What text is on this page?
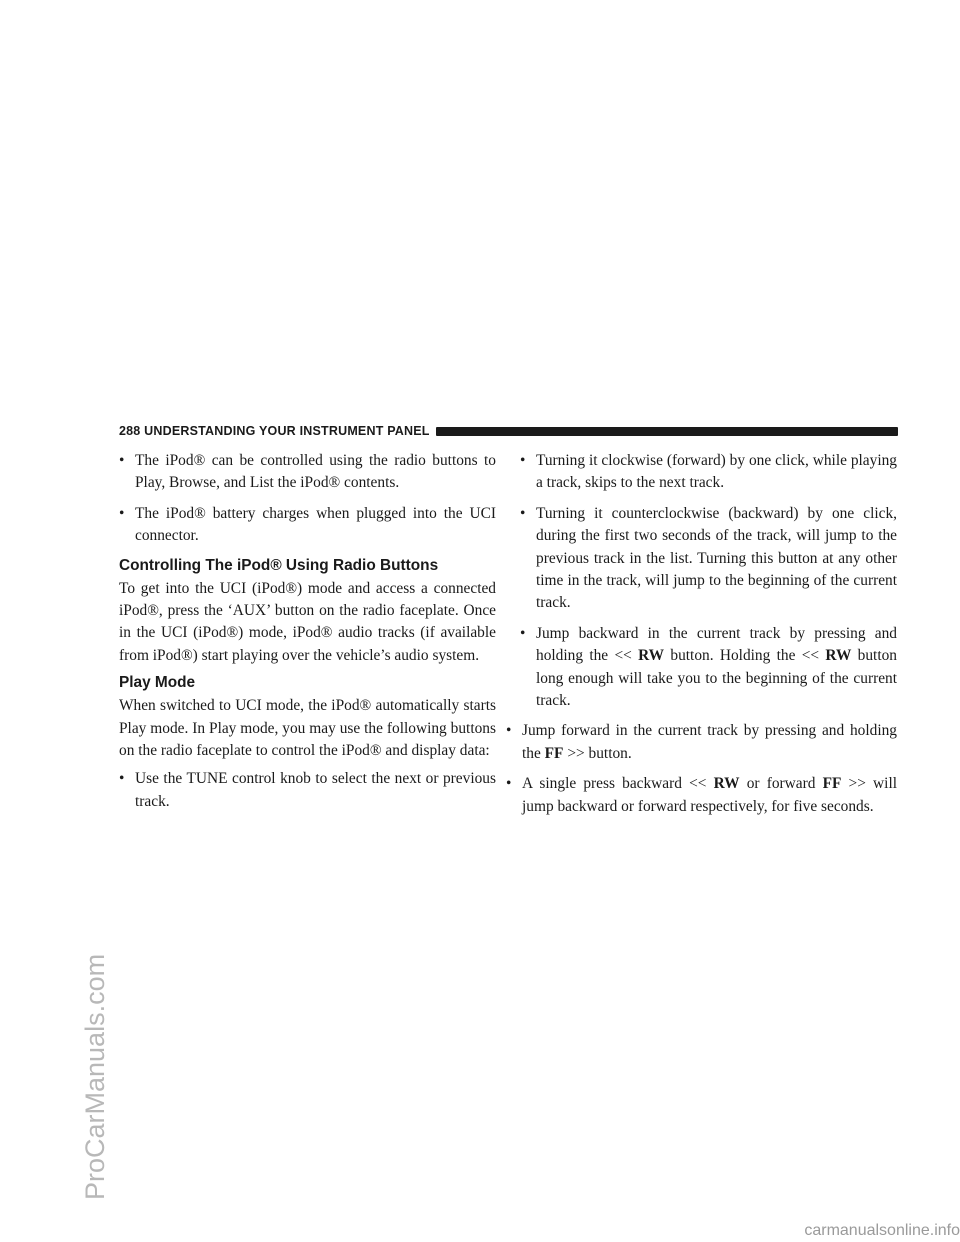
ProCarManuals.com
carmanualsonline.info
288 UNDERSTANDING YOUR INSTRUMENT PANEL
• The iPod® can be controlled using the radio buttons to Play, Browse, and List the iPod® contents.
• The iPod® battery charges when plugged into the UCI connector.
Controlling The iPod® Using Radio Buttons

To get into the UCI (iPod®) mode and access a connected iPod®, press the ‘AUX’ button on the radio faceplate. Once in the UCI (iPod®) mode, iPod® audio tracks (if available from iPod®) start playing over the vehicle’s audio system.

Play Mode

When switched to UCI mode, the iPod® automatically starts Play mode. In Play mode, you may use the following buttons on the radio faceplate to control the iPod® and display data:

• Use the TUNE control knob to select the next or previous track.
• Turning it clockwise (forward) by one click, while playing a track, skips to the next track.
• Turning it counterclockwise (backward) by one click, during the first two seconds of the track, will jump to the previous track in the list. Turning this button at any other time in the track, will jump to the beginning of the current track.
• Jump backward in the current track by pressing and holding the << RW button. Holding the << RW button long enough will take you to the beginning of the current track.
• Jump forward in the current track by pressing and holding the FF >> button.
• A single press backward << RW or forward FF >> will jump backward or forward respectively, for five seconds.
